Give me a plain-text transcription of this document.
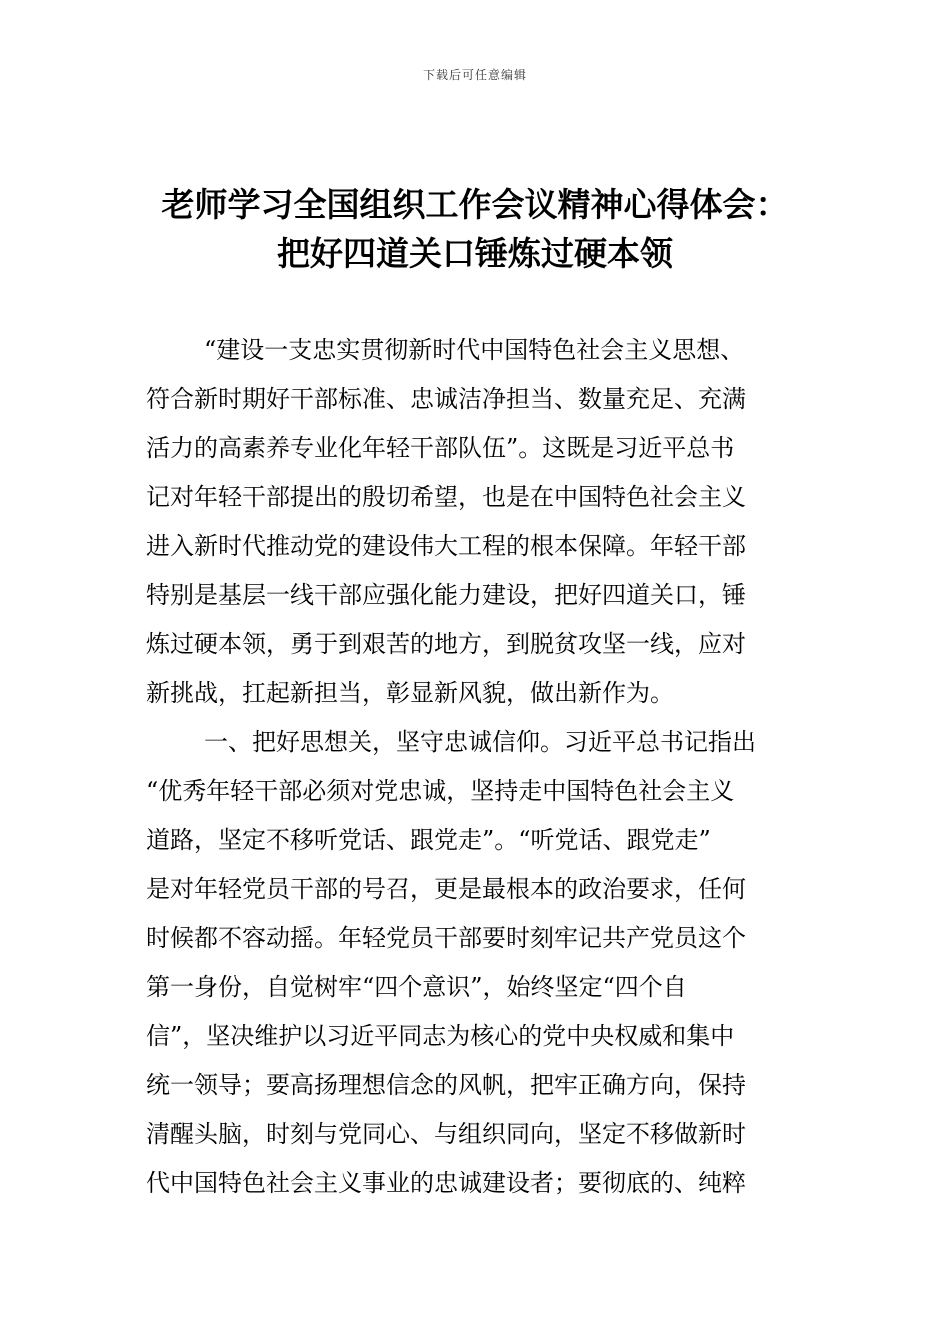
下载后可任意编辑
老师学习全国组织工作会议精神心得体会：
把好四道关口锤炼过硬本领
“建设一支忠实贯彻新时代中国特色社会主义思想、
符合新时期好干部标准、忠诚洁净担当、数量充足、充满
活力的高素养专业化年轻干部队伍”。这既是习近平总书
记对年轻干部提出的殷切希望，也是在中国特色社会主义
进入新时代推动党的建设伟大工程的根本保障。年轻干部
特别是基层一线干部应强化能力建设，把好四道关口，锤
炼过硬本领，勇于到艰苦的地方，到脱贫攻坚一线，应对
新挑战，扛起新担当，彰显新风貌，做出新作为。
一、把好思想关，坚守忠诚信仰。习近平总书记指出
“优秀年轻干部必须对党忠诚，坚持走中国特色社会主义
道路，坚定不移听党话、跟党走”。“听党话、跟党走”
是对年轻党员干部的号召，更是最根本的政治要求，任何
时候都不容动摇。年轻党员干部要时刻牢记共产党员这个
第一身份，自觉树牢“四个意识”，始终坚定“四个自
信”，坚决维护以习近平同志为核心的党中央权威和集中
统一领导；要高扬理想信念的风帆，把牢正确方向，保持
清醒头脑，时刻与党同心、与组织同向，坚定不移做新时
代中国特色社会主义事业的忠诚建设者；要彻底的、纯粹
